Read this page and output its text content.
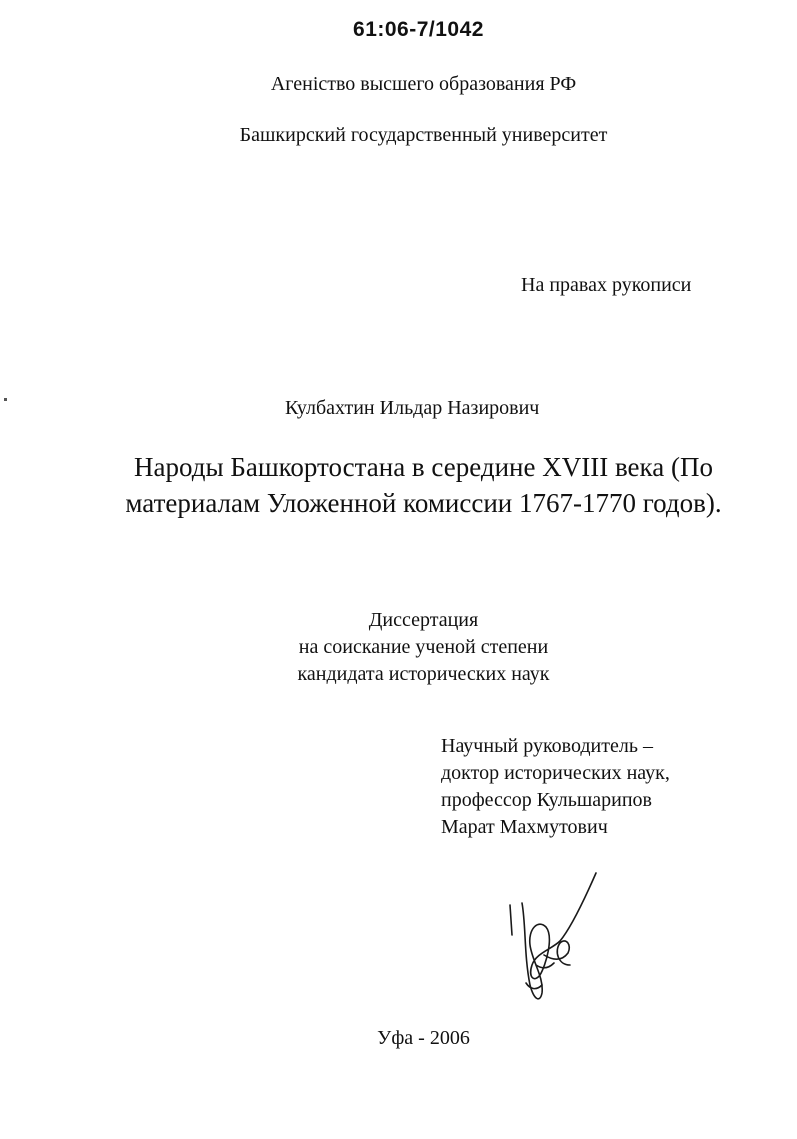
61:06-7/1042
Агенiство высшего образования РФ
Башкирский государственный университет
На правах рукописи
Кулбахтин Ильдар Назирович
Народы Башкортостана в середине XVIII века (По
материалам Уложенной комиссии 1767-1770 годов).
Диссертация
на соискание ученой степени
кандидата исторических наук
Научный руководитель –
доктор исторических наук,
профессор Кульшарипов
Марат Махмутович
Уфа - 2006
